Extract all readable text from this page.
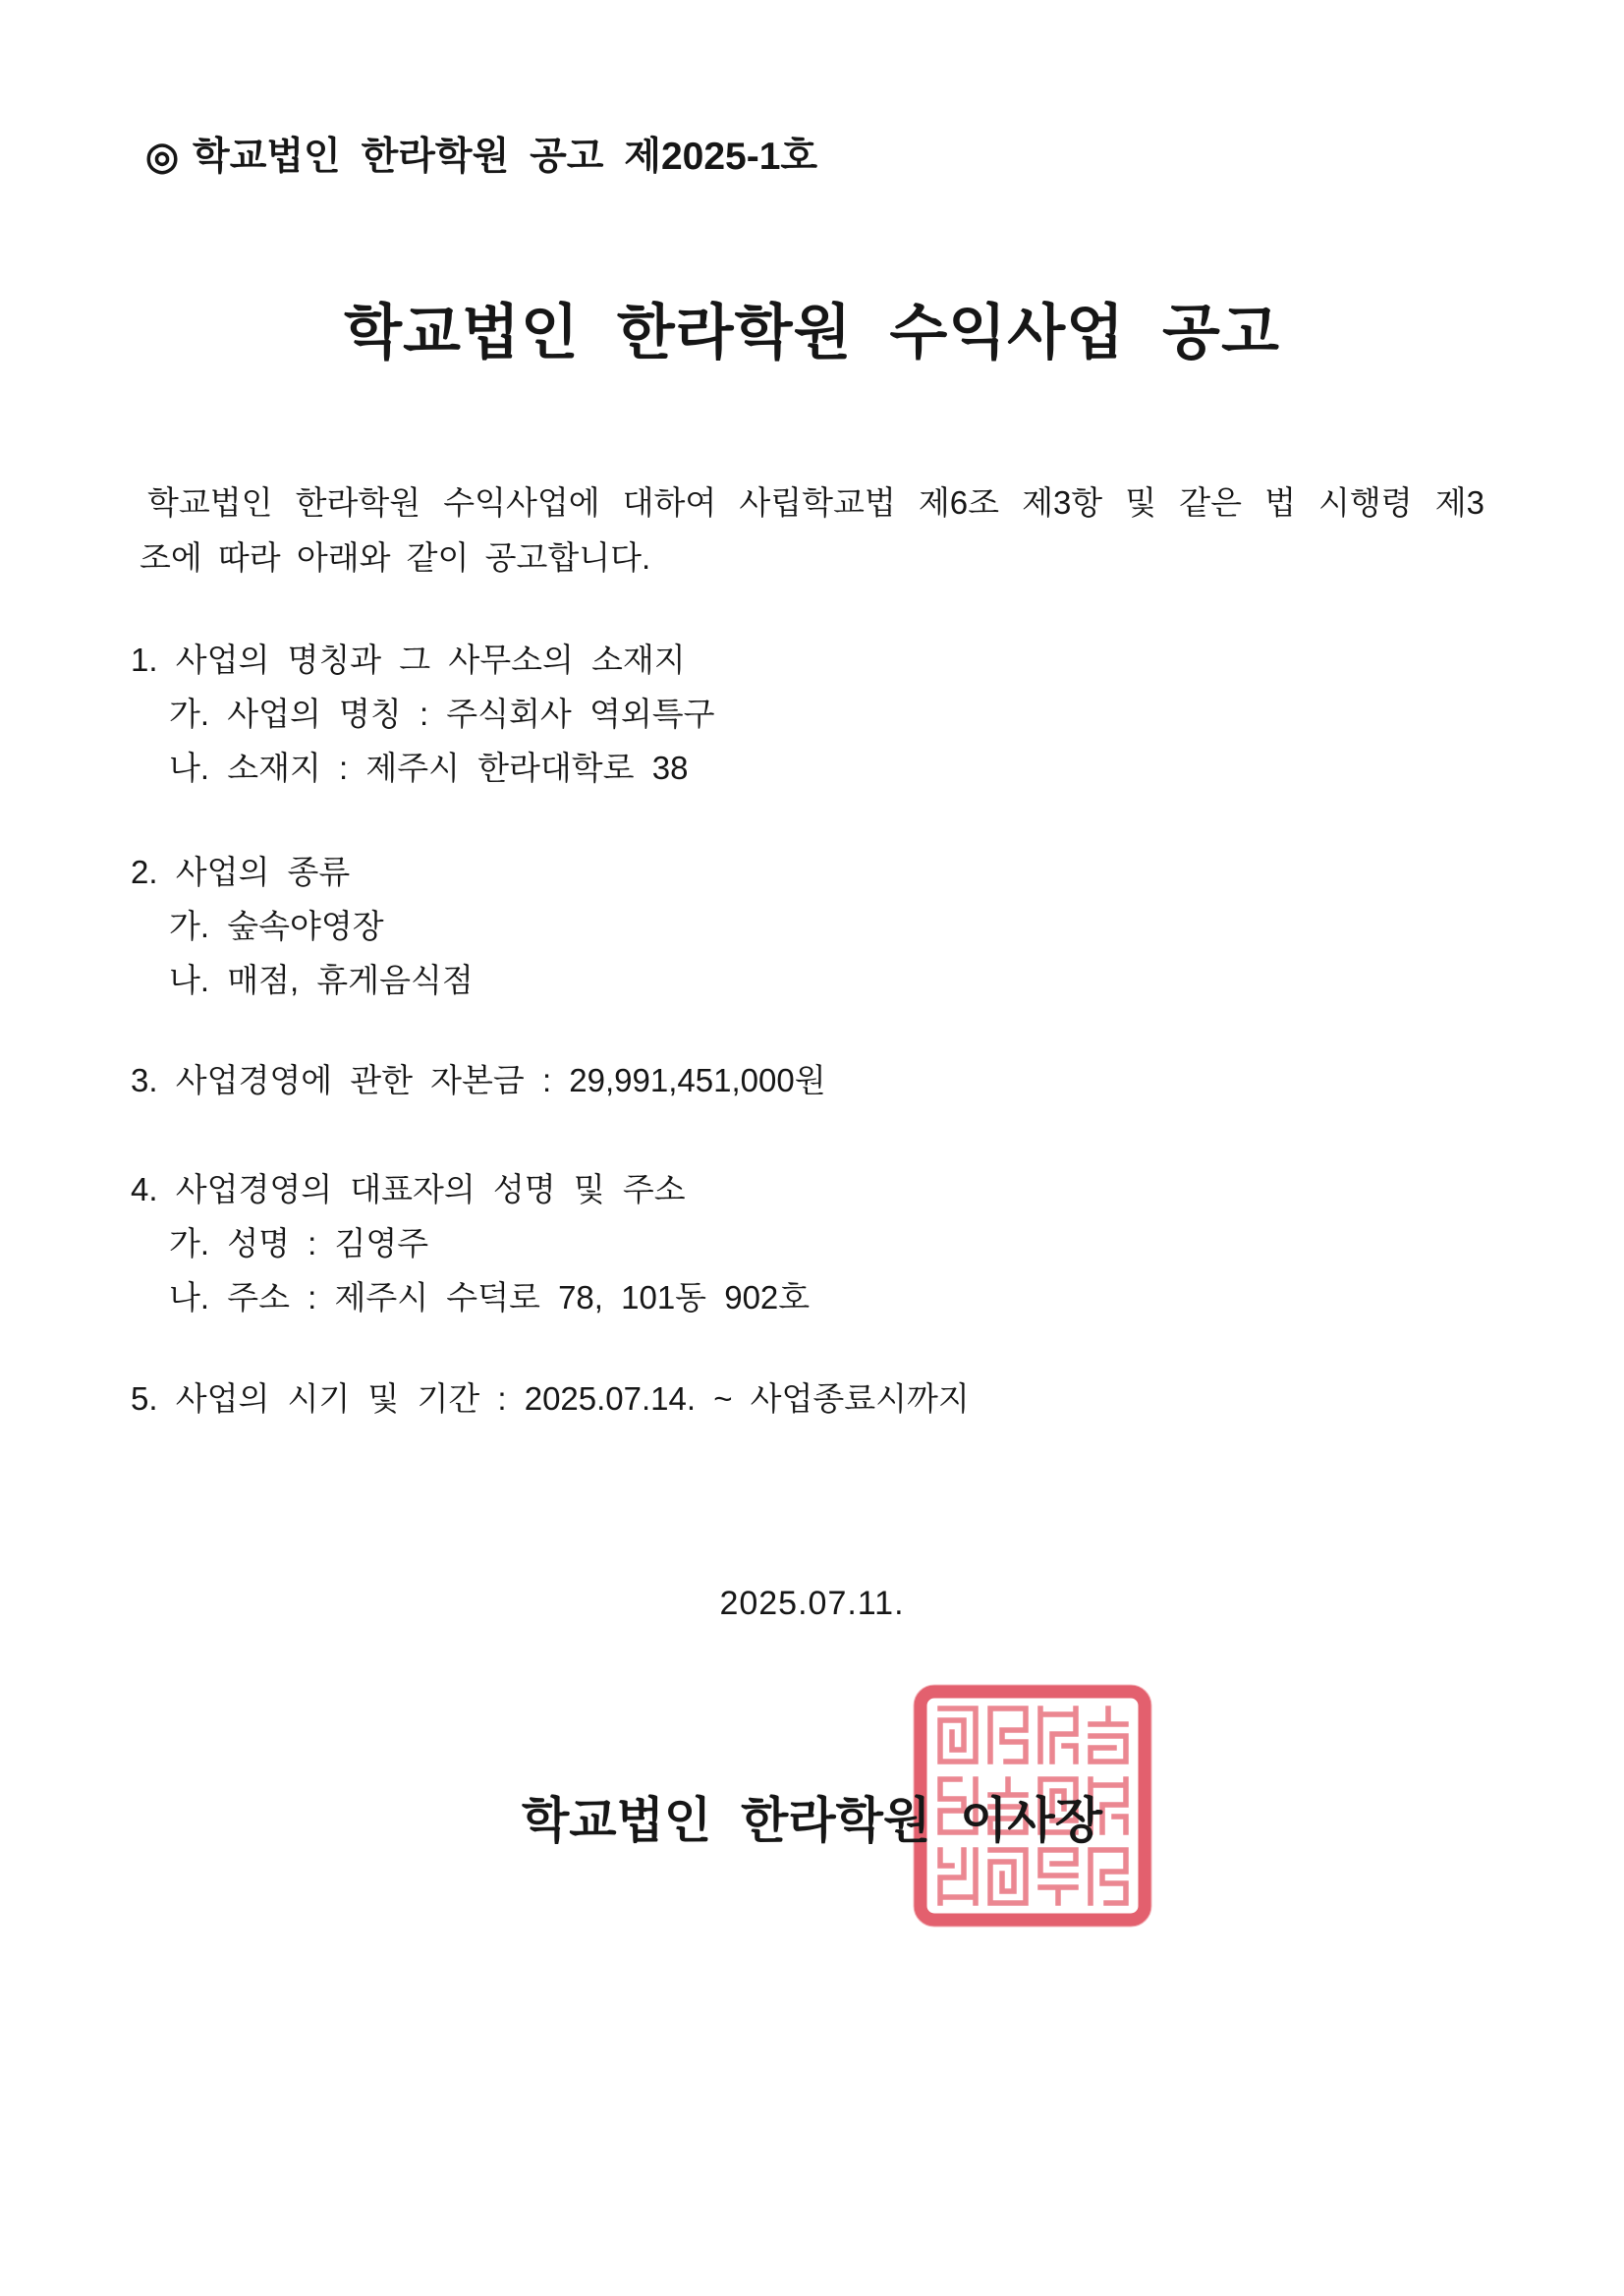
◎ 학교법인 한라학원 공고 제2025-1호
학교법인 한라학원 수익사업 공고
학교법인 한라학원 수익사업에 대하여 사립학교법 제6조 제3항 및 같은 법 시행령 제3
조에 따라 아래와 같이 공고합니다.
1. 사업의 명칭과 그 사무소의 소재지
가. 사업의 명칭 : 주식회사 역외특구
나. 소재지 : 제주시 한라대학로 38
2. 사업의 종류
가. 숲속야영장
나. 매점, 휴게음식점
3. 사업경영에 관한 자본금 : 29,991,451,000원
4. 사업경영의 대표자의 성명 및 주소
가. 성명 : 김영주
나. 주소 : 제주시 수덕로 78, 101동 902호
5. 사업의 시기 및 기간 : 2025.07.14. ~ 사업종료시까지
2025.07.11.
학교법인 한라학원 이사장
